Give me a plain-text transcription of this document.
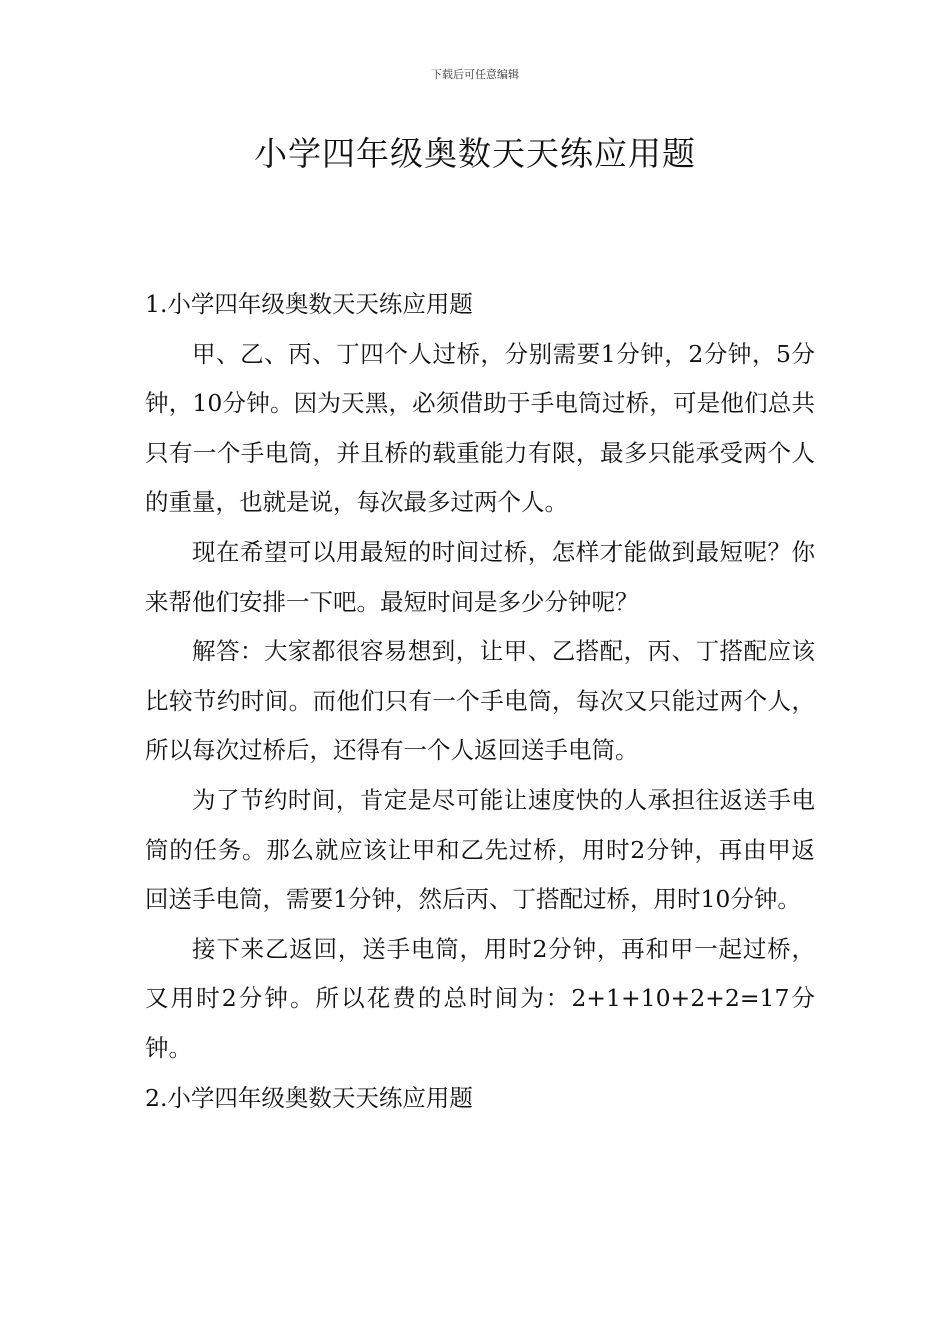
下载后可任意编辑
小学四年级奥数天天练应用题

1.小学四年级奥数天天练应用题

甲、乙、丙、丁四个人过桥，分别需要1分钟，2分钟，5分钟，10分钟。因为天黑，必须借助于手电筒过桥，可是他们总共只有一个手电筒，并且桥的载重能力有限，最多只能承受两个人的重量，也就是说，每次最多过两个人。

现在希望可以用最短的时间过桥，怎样才能做到最短呢？你来帮他们安排一下吧。最短时间是多少分钟呢？

解答：大家都很容易想到，让甲、乙搭配，丙、丁搭配应该比较节约时间。而他们只有一个手电筒，每次又只能过两个人，所以每次过桥后，还得有一个人返回送手电筒。

为了节约时间，肯定是尽可能让速度快的人承担往返送手电筒的任务。那么就应该让甲和乙先过桥，用时2分钟，再由甲返回送手电筒，需要1分钟，然后丙、丁搭配过桥，用时10分钟。

接下来乙返回，送手电筒，用时2分钟，再和甲一起过桥，又用时2分钟。所以花费的总时间为：2+1+10+2+2=17分钟。

2.小学四年级奥数天天练应用题
